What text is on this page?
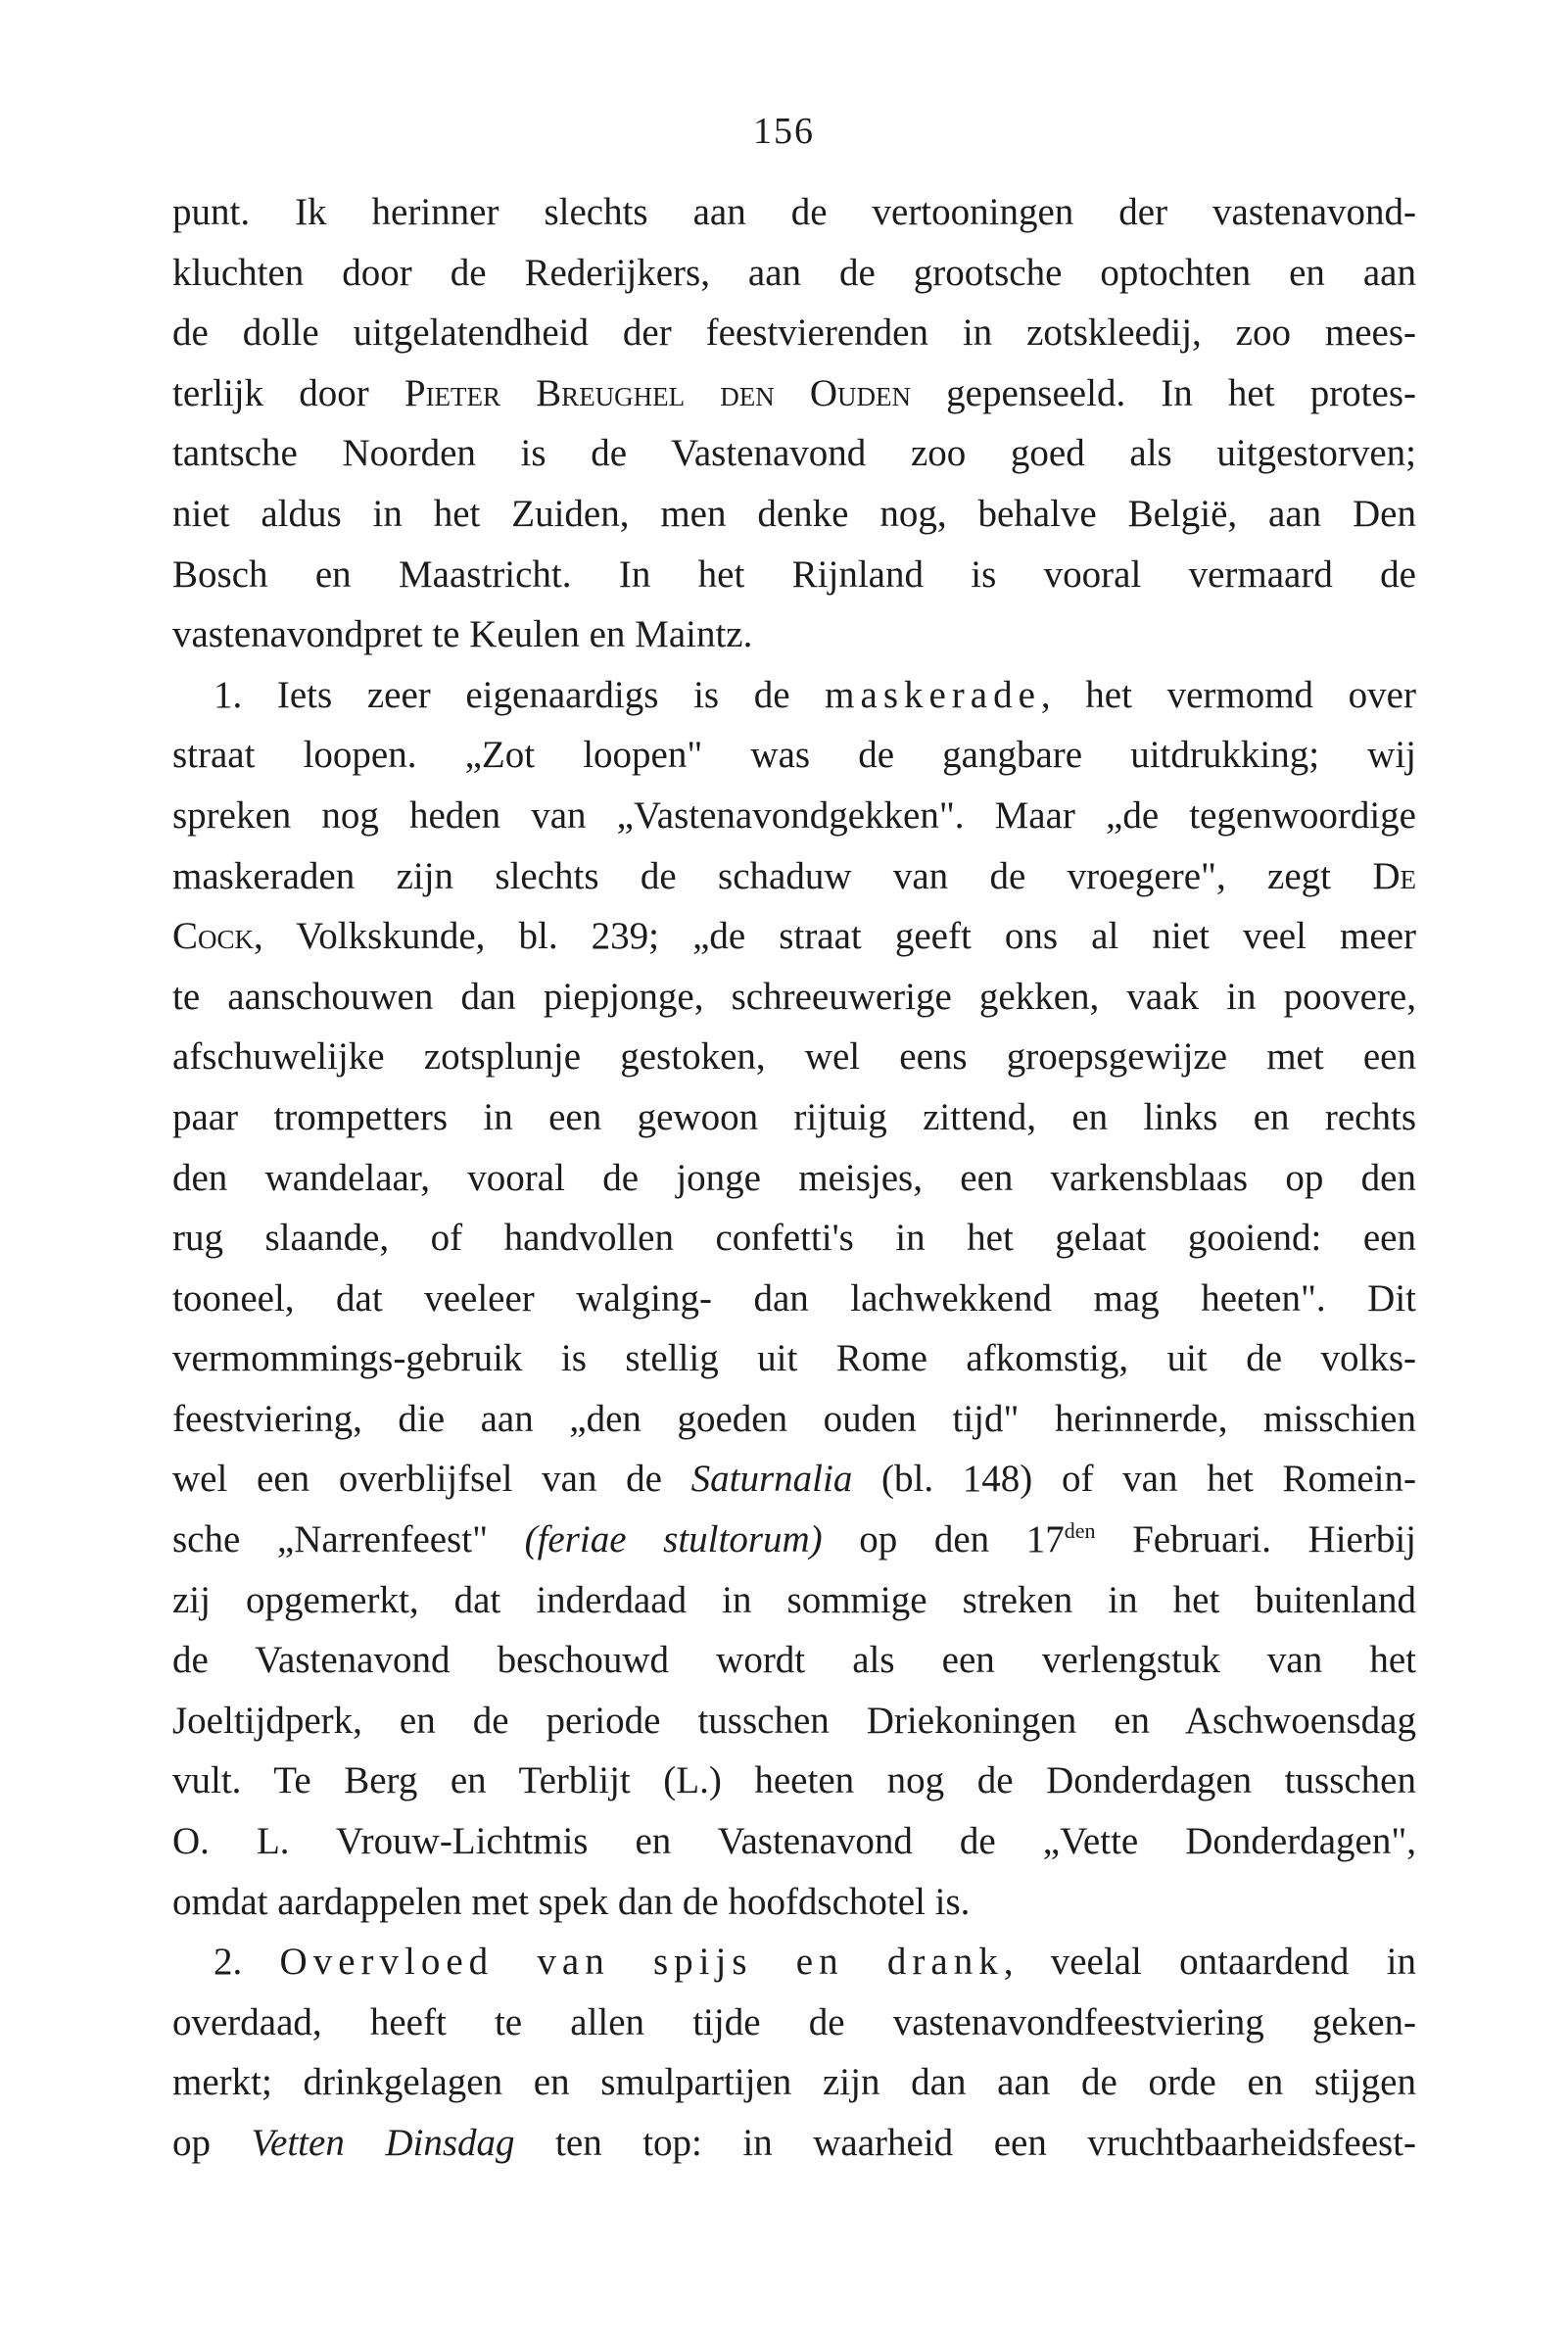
156
punt. Ik herinner slechts aan de vertooningen der vastenavond-
kluchten door de Rederijkers, aan de grootsche optochten en aan
de dolle uitgelatendheid der feestvierenden in zotskleedij, zoo mees-
terlijk door Pieter Breughel den Ouden gepenseeld. In het protes-
tantsche Noorden is de Vastenavond zoo goed als uitgestorven;
niet aldus in het Zuiden, men denke nog, behalve België, aan Den
Bosch en Maastricht. In het Rijnland is vooral vermaard de
vastenavondpret te Keulen en Maintz.
1. Iets zeer eigenaardigs is de maskerade, het vermomd over
straat loopen. „Zot loopen" was de gangbare uitdrukking; wij
spreken nog heden van „Vastenavondgekken". Maar „de tegenwoordige
maskeraden zijn slechts de schaduw van de vroegere", zegt De
Cock, Volkskunde, bl. 239; „de straat geeft ons al niet veel meer
te aanschouwen dan piepjonge, schreeuwerige gekken, vaak in poovere,
afschuwelijke zotsplunje gestoken, wel eens groepsgewijze met een
paar trompetters in een gewoon rijtuig zittend, en links en rechts
den wandelaar, vooral de jonge meisjes, een varkensblaas op den
rug slaande, of handvollen confetti's in het gelaat gooiend: een
tooneel, dat veeleer walging- dan lachwekkend mag heeten". Dit
vermommings-gebruik is stellig uit Rome afkomstig, uit de volks-
feestviering, die aan „den goeden ouden tijd" herinnerde, misschien
wel een overblijfsel van de Saturnalia (bl. 148) of van het Romein-
sche „Narrenfeest" (feriae stultorum) op den $17^{den}$ Februari. Hierbij
zij opgemerkt, dat inderdaad in sommige streken in het buitenland
de Vastenavond beschouwd wordt als een verlengstuk van het
Joeltijdperk, en de periode tusschen Driekoningen en Aschwoensdag
vult. Te Berg en Terblijt (L.) heeten nog de Donderdagen tusschen
O. L. Vrouw-Lichtmis en Vastenavond de „Vette Donderdagen",
omdat aardappelen met spek dan de hoofdschotel is.
2. Overvloed van spijs en drank, veelal ontaardend in
overdaad, heeft te allen tijde de vastenavondfeestviering geken-
merkt; drinkgelagen en smulpartijen zijn dan aan de orde en stijgen
op Vetten Dinsdag ten top: in waarheid een vruchtbaarheidsfeest-
